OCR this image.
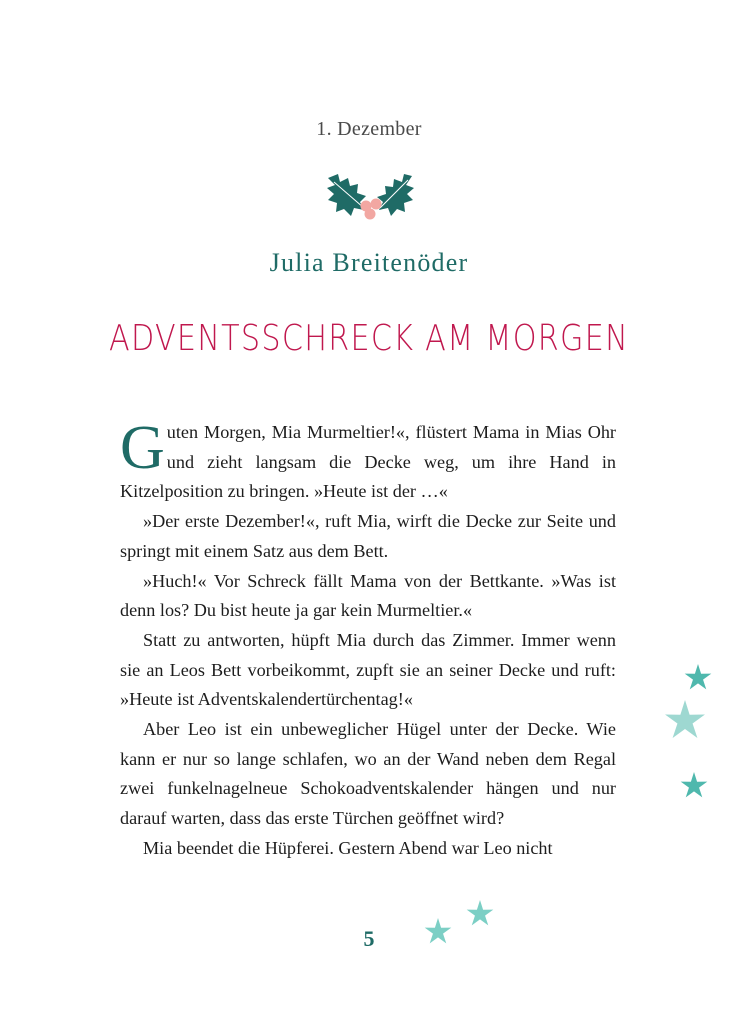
1. Dezember
Julia Breitenöder
ADVENTSSCHRECK AM MORGEN

Guten Morgen, Mia Murmeltier!«, flüstert Mama in Mias Ohr und zieht langsam die Decke weg, um ihre Hand in Kitzelposition zu bringen. »Heute ist der …«

»Der erste Dezember!«, ruft Mia, wirft die Decke zur Seite und springt mit einem Satz aus dem Bett.

»Huch!« Vor Schreck fällt Mama von der Bettkante. »Was ist denn los? Du bist heute ja gar kein Murmeltier.«

Statt zu antworten, hüpft Mia durch das Zimmer. Immer wenn sie an Leos Bett vorbeikommt, zupft sie an seiner Decke und ruft: »Heute ist Adventskalendertürchentag!«

Aber Leo ist ein unbeweglicher Hügel unter der Decke. Wie kann er nur so lange schlafen, wo an der Wand neben dem Regal zwei funkelnagelneue Schokoadventskalender hängen und nur darauf warten, dass das erste Türchen geöffnet wird?

Mia beendet die Hüpferei. Gestern Abend war Leo nicht

5
